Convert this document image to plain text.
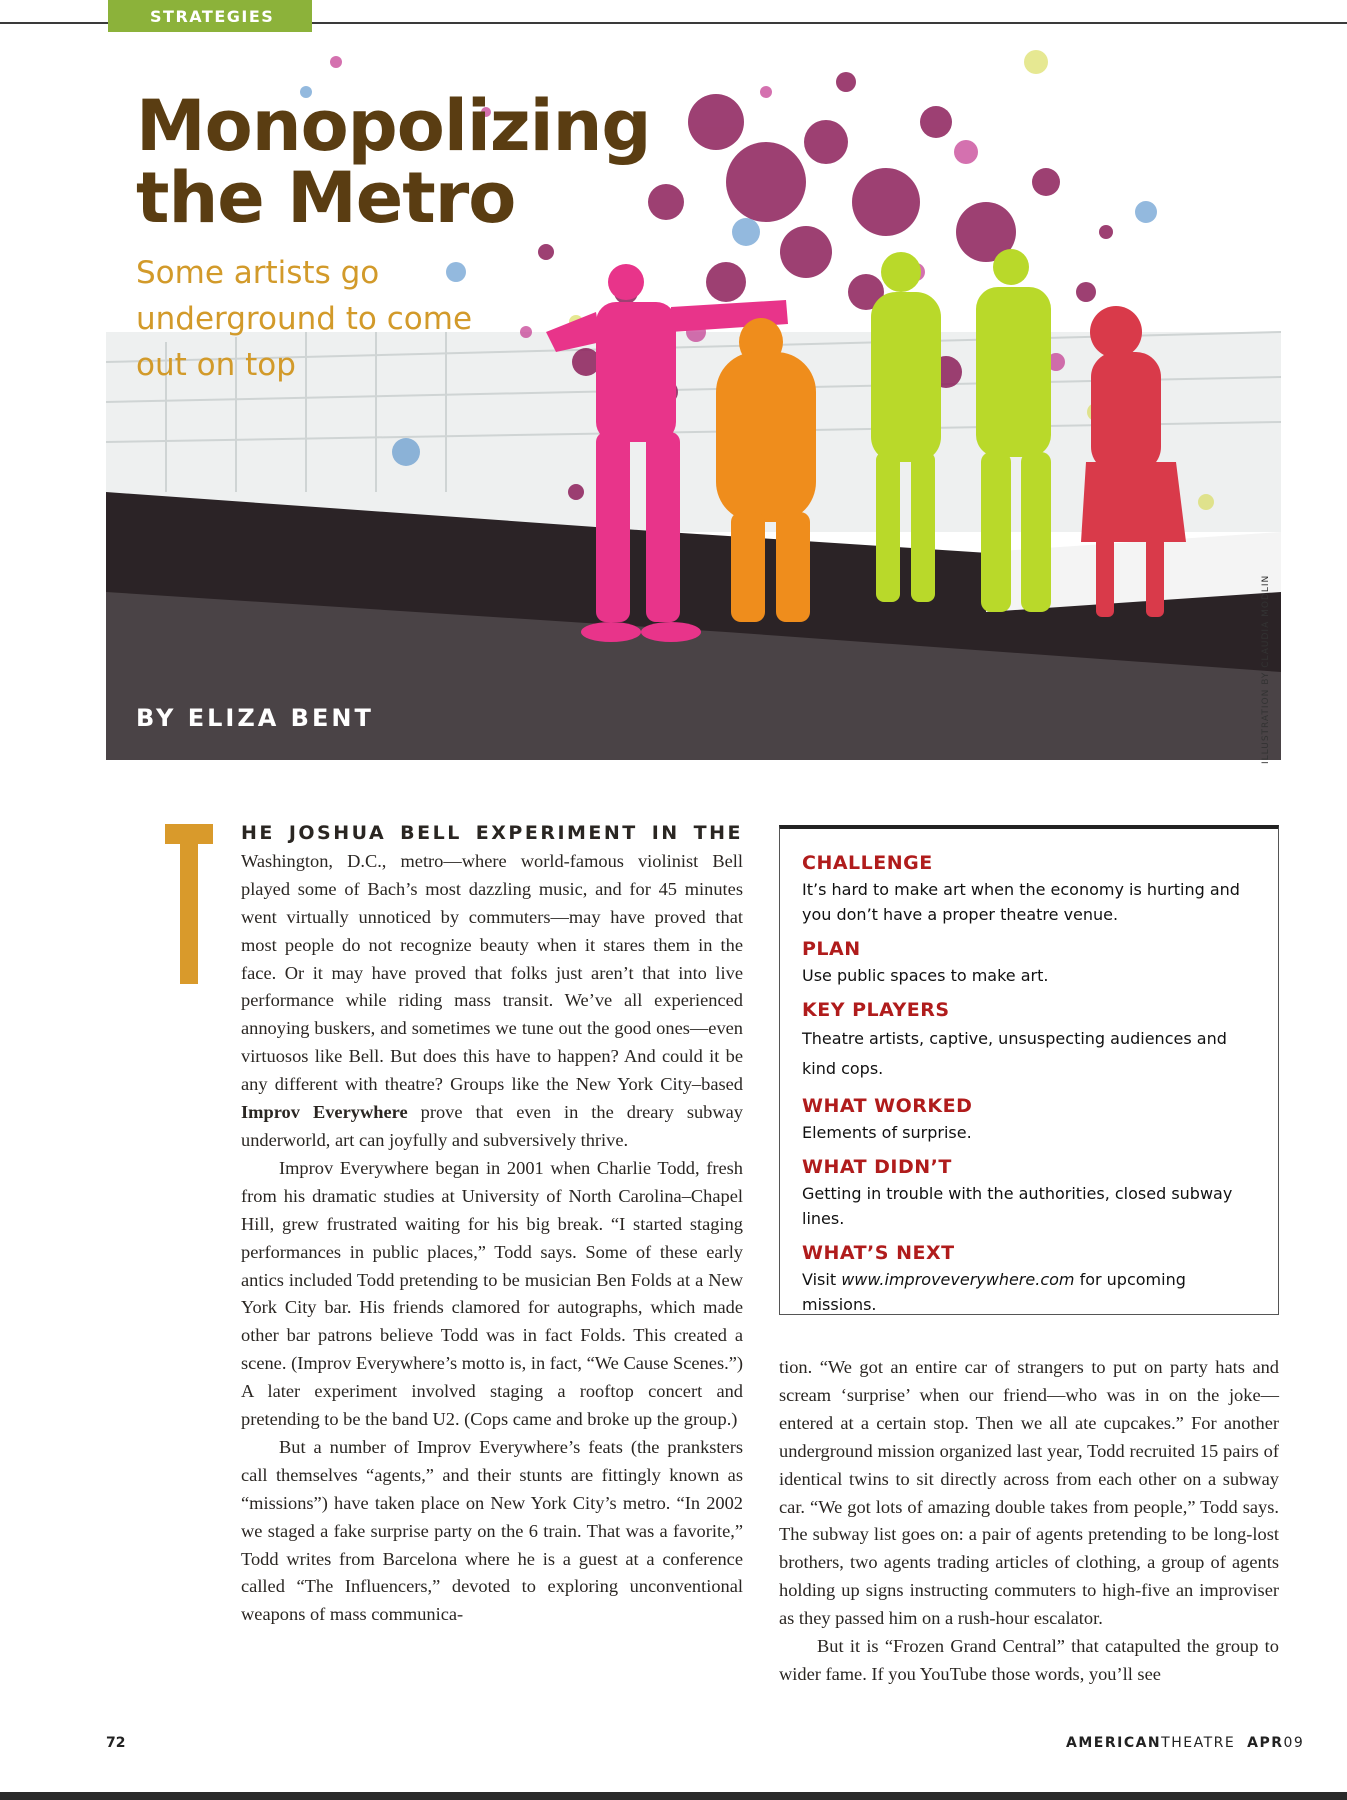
STRATEGIES
Monopolizing
the Metro

Some artists go underground to come out on top

BY ELIZA BENT	ILLUSTRATION BY CLAUDIA MODLIN
T

HE JOSHUA BELL EXPERIMENT IN THE Washington, D.C., metro—where world-famous violinist Bell played some of Bach’s most dazzling music, and for 45 minutes went virtually unnoticed by commuters—may have proved that most people do not recognize beauty when it stares them in the face. Or it may have proved that folks just aren’t that into live performance while riding mass transit. We’ve all experienced annoying buskers, and sometimes we tune out the good ones—even virtuosos like Bell. But does this have to happen? And could it be any different with theatre? Groups like the New York City–based Improv Everywhere prove that even in the dreary subway underworld, art can joyfully and subversively thrive.

Improv Everywhere began in 2001 when Charlie Todd, fresh from his dramatic studies at University of North Carolina–Chapel Hill, grew frustrated waiting for his big break. “I started staging performances in public places,” Todd says. Some of these early antics included Todd pretending to be musician Ben Folds at a New York City bar. His friends clamored for autographs, which made other bar patrons believe Todd was in fact Folds. This created a scene. (Improv Everywhere’s motto is, in fact, “We Cause Scenes.”) A later experiment involved staging a rooftop concert and pretending to be the band U2. (Cops came and broke up the group.)

But a number of Improv Everywhere’s feats (the pranksters call themselves “agents,” and their stunts are fittingly known as “missions”) have taken place on New York City’s metro. “In 2002 we staged a fake surprise party on the 6 train. That was a favorite,” Todd writes from Barcelona where he is a guest at a conference called “The Influencers,” devoted to exploring unconventional weapons of mass communica-

CHALLENGE

It’s hard to make art when the economy is hurting and you don’t have a proper theatre venue.

PLAN

Use public spaces to make art.

KEY PLAYERS

Theatre artists, captive, unsuspecting audiences and kind cops.

WHAT WORKED

Elements of surprise.

WHAT DIDN’T

Getting in trouble with the authorities, closed subway lines.

WHAT’S NEXT

Visit www.improveverywhere.com for upcoming missions.

tion. “We got an entire car of strangers to put on party hats and scream ‘surprise’ when our friend—who was in on the joke—entered at a certain stop. Then we all ate cupcakes.” For another underground mission organized last year, Todd recruited 15 pairs of identical twins to sit directly across from each other on a subway car. “We got lots of amazing double takes from people,” Todd says. The subway list goes on: a pair of agents pretending to be long-lost brothers, two agents trading articles of clothing, a group of agents holding up signs instructing commuters to high-five an improviser as they passed him on a rush-hour escalator.

But it is “Frozen Grand Central” that catapulted the group to wider fame. If you YouTube those words, you’ll see

72	AMERICANTHEATRE APR09
